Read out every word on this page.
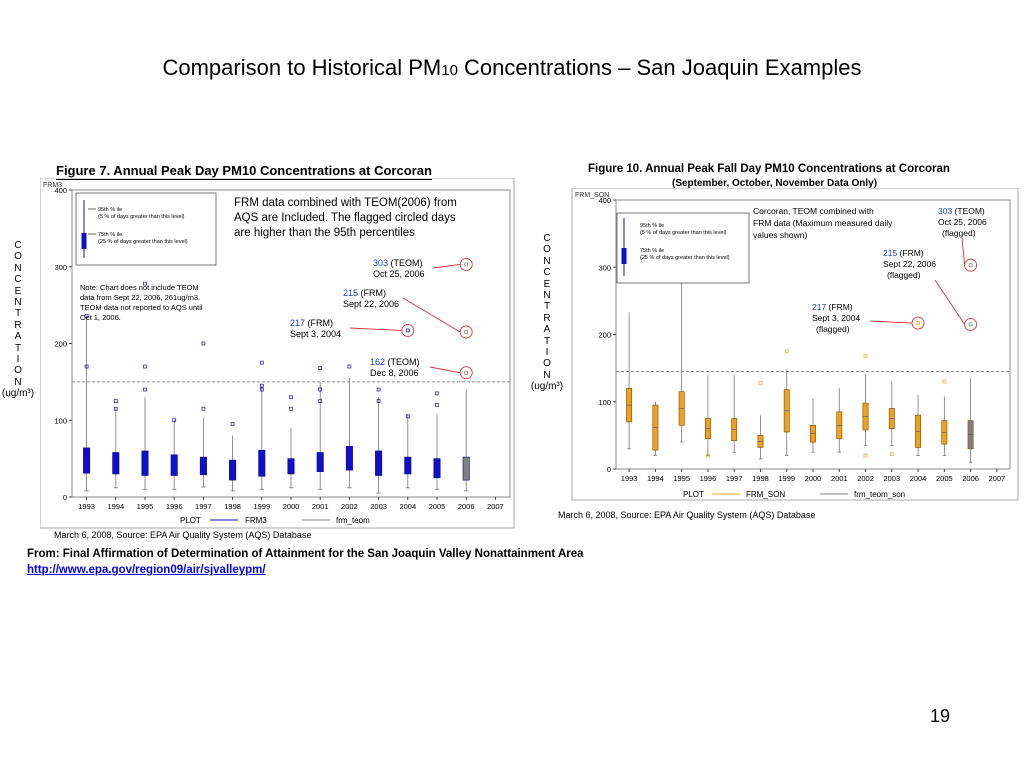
Comparison to Historical PM10 Concentrations – San Joaquin Examples
Figure 7. Annual Peak Day PM10 Concentrations at Corcoran
C
O
N
C
E
N
T
R
A
T
I
O
N
(ug/m³)
FRM3
0
100
200
300
400
1993 1994 1995 1996 1997 1998 1999 2000 2001 2002 2003 2004 2005 2006 2007
95th % ile
(5 % of days greater than this level)
75th % ile
(25 % of days greater than this level)
FRM data combined with TEOM(2006) from
AQS are Included. The flagged circled days
are higher than the 95th percentiles
Note: Chart does not include TEOM
data from Sept 22, 2006, 261ug/m3.
TEOM data not reported to AQS until
Oct 1, 2006.
303 (TEOM)
Oct 25, 2006
215 (FRM)
Sept 22, 2006
217 (FRM)
Sept 3, 2004
162 (TEOM)
Dec 8, 2006
PLOT	FRM3	frm_teom
March 6, 2008, Source: EPA Air Quality System (AQS) Database
Figure 10. Annual Peak Fall Day PM10 Concentrations at Corcoran
(September, October, November Data Only)
C
O
N
C
E
N
T
R
A
T
I
O
N
(ug/m³)
FRM_SON
0
100
200
300
400
1993 1994 1995 1996 1997 1998 1999 2000 2001 2002 2003 2004 2005 2006 2007
95th % ile
(5 % of days greater than this level)
75th % ile
(25 % of days greater than this level)
Corcoran, TEOM combined with
FRM data (Maximum measured daily
values shown)
303 (TEOM)
Oct 25, 2006
(flagged)
215 (FRM)
Sept 22, 2006
(flagged)
217 (FRM)
Sept 3, 2004
(flagged)
PLOT	FRM_SON	frm_teom_son
March 6, 2008, Source: EPA Air Quality System (AQS) Database
From: Final Affirmation of Determination of Attainment for the San Joaquin Valley Nonattainment Area
http://www.epa.gov/region09/air/sjvalleypm/
19
